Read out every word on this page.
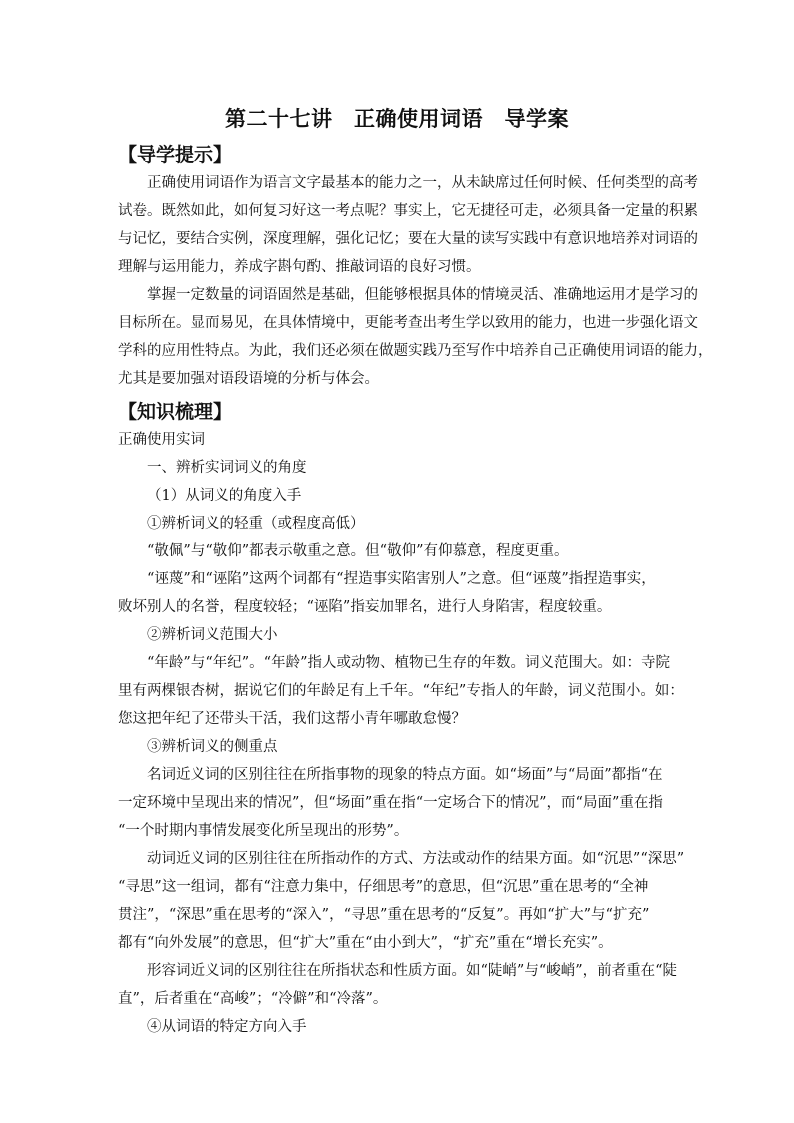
第二十七讲　正确使用词语　导学案
【导学提示】
正确使用词语作为语言文字最基本的能力之一，从未缺席过任何时候、任何类型的高考
试卷。既然如此，如何复习好这一考点呢？事实上，它无捷径可走，必须具备一定量的积累
与记忆，要结合实例，深度理解，强化记忆；要在大量的读写实践中有意识地培养对词语的
理解与运用能力，养成字斟句酌、推敲词语的良好习惯。
掌握一定数量的词语固然是基础，但能够根据具体的情境灵活、准确地运用才是学习的
目标所在。显而易见，在具体情境中，更能考查出考生学以致用的能力，也进一步强化语文
学科的应用性特点。为此，我们还必须在做题实践乃至写作中培养自己正确使用词语的能力，
尤其是要加强对语段语境的分析与体会。
【知识梳理】
正确使用实词
一、辨析实词词义的角度
（1）从词义的角度入手
①辨析词义的轻重（或程度高低）
“敬佩”与“敬仰”都表示敬重之意。但“敬仰”有仰慕意，程度更重。
“诬蔑”和“诬陷”这两个词都有“捏造事实陷害别人”之意。但“诬蔑”指捏造事实，
败坏别人的名誉，程度较轻；“诬陷”指妄加罪名，进行人身陷害，程度较重。
②辨析词义范围大小
“年龄”与“年纪”。“年龄”指人或动物、植物已生存的年数。词义范围大。如：寺院
里有两棵银杏树，据说它们的年龄足有上千年。“年纪”专指人的年龄，词义范围小。如：
您这把年纪了还带头干活，我们这帮小青年哪敢怠慢？
③辨析词义的侧重点
名词近义词的区别往往在所指事物的现象的特点方面。如“场面”与“局面”都指“在
一定环境中呈现出来的情况”，但“场面”重在指“一定场合下的情况”，而“局面”重在指
“一个时期内事情发展变化所呈现出的形势”。
动词近义词的区别往往在所指动作的方式、方法或动作的结果方面。如“沉思”“深思”
“寻思”这一组词，都有“注意力集中，仔细思考”的意思，但“沉思”重在思考的“全神
贯注”，“深思”重在思考的“深入”，“寻思”重在思考的“反复”。再如“扩大”与“扩充”
都有“向外发展”的意思，但“扩大”重在“由小到大”，“扩充”重在“增长充实”。
形容词近义词的区别往往在所指状态和性质方面。如“陡峭”与“峻峭”，前者重在“陡
直”，后者重在“高峻”；“冷僻”和“冷落”。
④从词语的特定方向入手
